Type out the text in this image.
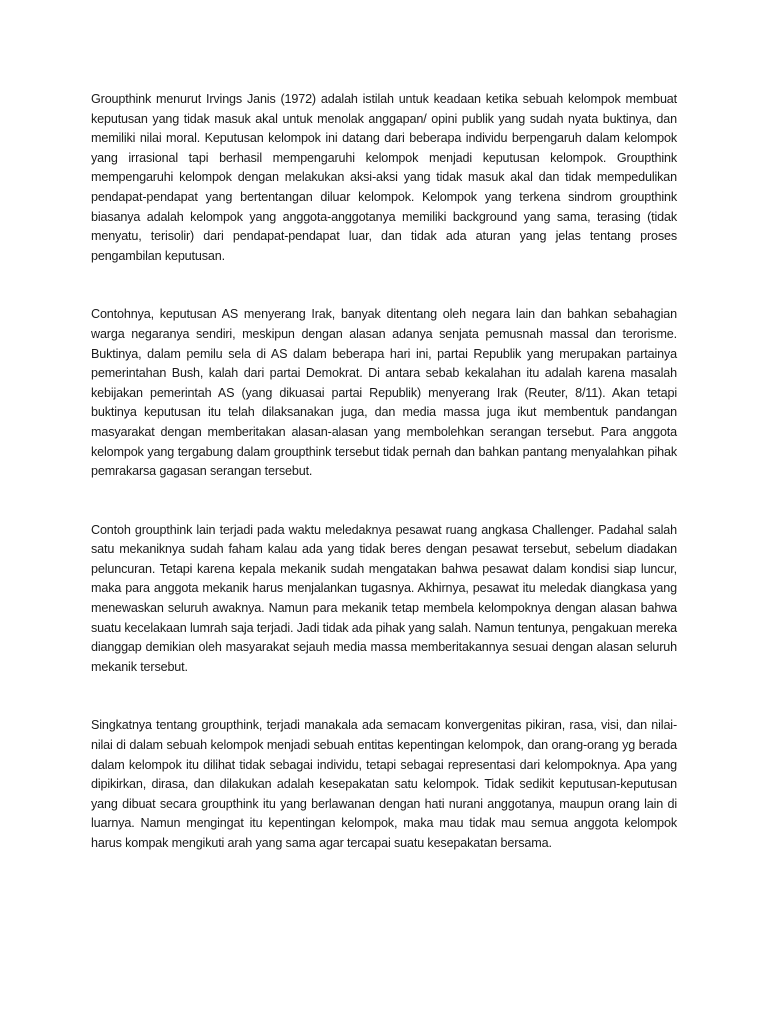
Groupthink menurut Irvings Janis (1972) adalah istilah untuk keadaan ketika sebuah kelompok membuat keputusan yang tidak masuk akal untuk menolak anggapan/ opini publik yang sudah nyata buktinya, dan memiliki nilai moral. Keputusan kelompok ini datang dari beberapa individu berpengaruh dalam kelompok yang irrasional tapi berhasil mempengaruhi kelompok menjadi keputusan kelompok. Groupthink mempengaruhi kelompok dengan melakukan aksi-aksi yang tidak masuk akal dan tidak mempedulikan pendapat-pendapat yang bertentangan diluar kelompok. Kelompok yang terkena sindrom groupthink biasanya adalah kelompok yang anggota-anggotanya memiliki background yang sama, terasing (tidak menyatu, terisolir) dari pendapat-pendapat luar, dan tidak ada aturan yang jelas tentang proses pengambilan keputusan.

Contohnya, keputusan AS menyerang Irak, banyak ditentang oleh negara lain dan bahkan sebahagian warga negaranya sendiri, meskipun dengan alasan adanya senjata pemusnah massal dan terorisme. Buktinya, dalam pemilu sela di AS dalam beberapa hari ini, partai Republik yang merupakan partainya pemerintahan Bush, kalah dari partai Demokrat. Di antara sebab kekalahan itu adalah karena masalah kebijakan pemerintah AS (yang dikuasai partai Republik) menyerang Irak (Reuter, 8/11). Akan tetapi buktinya keputusan itu telah dilaksanakan juga, dan media massa juga ikut membentuk pandangan masyarakat dengan memberitakan alasan-alasan yang membolehkan serangan tersebut. Para anggota kelompok yang tergabung dalam groupthink tersebut tidak pernah dan bahkan pantang menyalahkan pihak pemrakarsa gagasan serangan tersebut.

Contoh groupthink lain terjadi pada waktu meledaknya pesawat ruang angkasa Challenger. Padahal salah satu mekaniknya sudah faham kalau ada yang tidak beres dengan pesawat tersebut, sebelum diadakan peluncuran. Tetapi karena kepala mekanik sudah mengatakan bahwa pesawat dalam kondisi siap luncur, maka para anggota mekanik harus menjalankan tugasnya. Akhirnya, pesawat itu meledak diangkasa yang menewaskan seluruh awaknya. Namun para mekanik tetap membela kelompoknya dengan alasan bahwa suatu kecelakaan lumrah saja terjadi. Jadi tidak ada pihak yang salah. Namun tentunya, pengakuan mereka dianggap demikian oleh masyarakat sejauh media massa memberitakannya sesuai dengan alasan seluruh mekanik tersebut.

Singkatnya tentang groupthink, terjadi manakala ada semacam konvergenitas pikiran, rasa, visi, dan nilai-nilai di dalam sebuah kelompok menjadi sebuah entitas kepentingan kelompok, dan orang-orang yg berada dalam kelompok itu dilihat tidak sebagai individu, tetapi sebagai representasi dari kelompoknya. Apa yang dipikirkan, dirasa, dan dilakukan adalah kesepakatan satu kelompok. Tidak sedikit keputusan-keputusan yang dibuat secara groupthink itu yang berlawanan dengan hati nurani anggotanya, maupun orang lain di luarnya. Namun mengingat itu kepentingan kelompok, maka mau tidak mau semua anggota kelompok harus kompak mengikuti arah yang sama agar tercapai suatu kesepakatan bersama.
